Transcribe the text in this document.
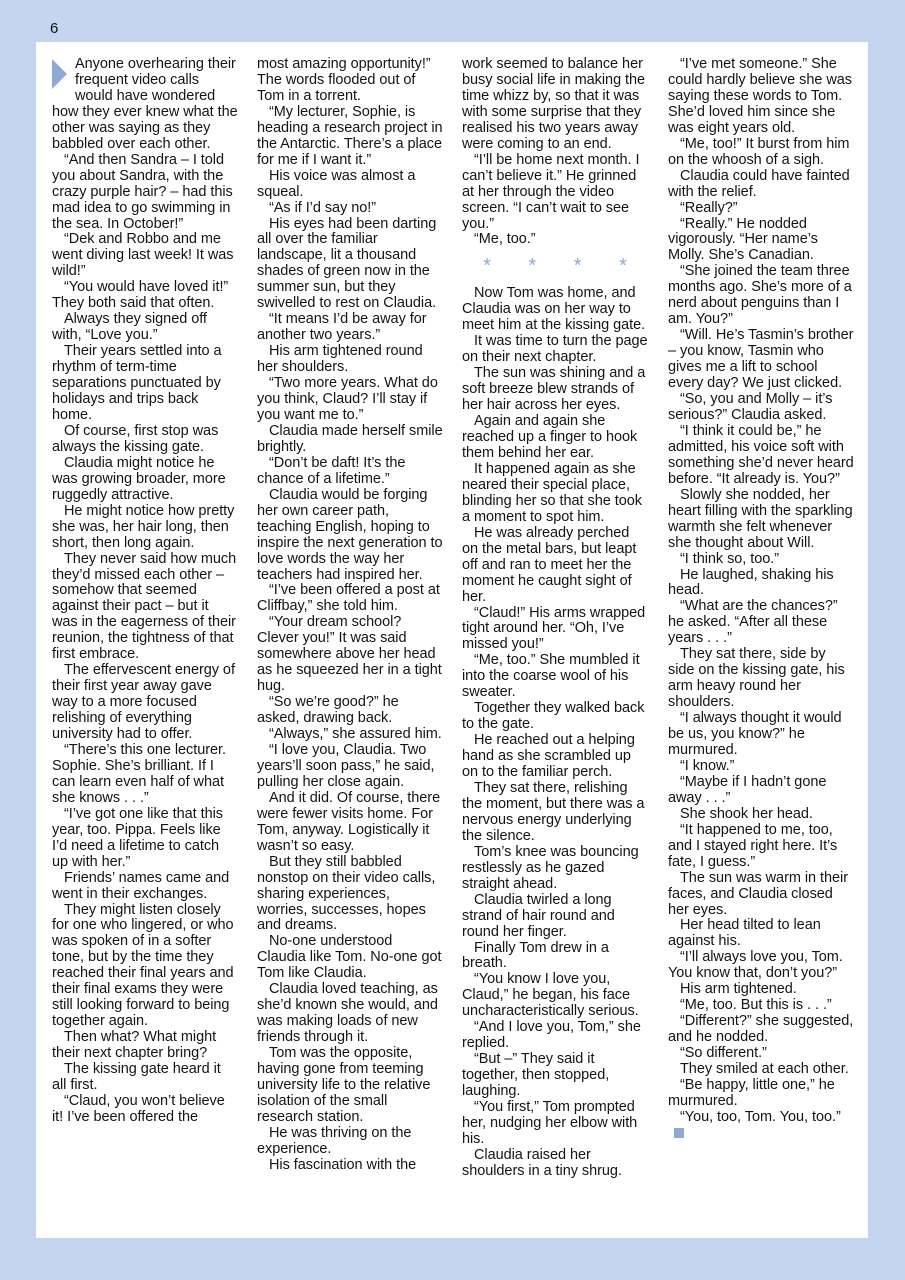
6

Anyone overhearing their frequent video calls would have wondered how they ever knew what the other was saying as they babbled over each other.

“And then Sandra – I told you about Sandra, with the crazy purple hair? – had this mad idea to go swimming in the sea. In October!”

“Dek and Robbo and me went diving last week! It was wild!”

“You would have loved it!” They both said that often.

Always they signed off with, “Love you.”

Their years settled into a rhythm of term-time separations punctuated by holidays and trips back home.

Of course, first stop was always the kissing gate.

Claudia might notice he was growing broader, more ruggedly attractive.

He might notice how pretty she was, her hair long, then short, then long again.

They never said how much they’d missed each other – somehow that seemed against their pact – but it was in the eagerness of their reunion, the tightness of that first embrace.

The effervescent energy of their first year away gave way to a more focused relishing of everything university had to offer.

“There’s this one lecturer. Sophie. She’s brilliant. If I can learn even half of what she knows . . .”

“I’ve got one like that this year, too. Pippa. Feels like I’d need a lifetime to catch up with her.”

Friends’ names came and went in their exchanges.

They might listen closely for one who lingered, or who was spoken of in a softer tone, but by the time they reached their final years and their final exams they were still looking forward to being together again.

Then what? What might their next chapter bring?

The kissing gate heard it all first.

“Claud, you won’t believe it! I’ve been offered the

most amazing opportunity!” The words flooded out of Tom in a torrent.

“My lecturer, Sophie, is heading a research project in the Antarctic. There’s a place for me if I want it.”

His voice was almost a squeal.

“As if I’d say no!”

His eyes had been darting all over the familiar landscape, lit a thousand shades of green now in the summer sun, but they swivelled to rest on Claudia.

“It means I’d be away for another two years.”

His arm tightened round her shoulders.

“Two more years. What do you think, Claud? I’ll stay if you want me to.”

Claudia made herself smile brightly.

“Don’t be daft! It’s the chance of a lifetime.”

Claudia would be forging her own career path, teaching English, hoping to inspire the next generation to love words the way her teachers had inspired her.

“I’ve been offered a post at Cliffbay,” she told him.

“Your dream school? Clever you!” It was said somewhere above her head as he squeezed her in a tight hug.

“So we’re good?” he asked, drawing back.

“Always,” she assured him.

“I love you, Claudia. Two years’ll soon pass,” he said, pulling her close again.

And it did. Of course, there were fewer visits home. For Tom, anyway. Logistically it wasn’t so easy.

But they still babbled nonstop on their video calls, sharing experiences, worries, successes, hopes and dreams.

No-one understood Claudia like Tom. No-one got Tom like Claudia.

Claudia loved teaching, as she’d known she would, and was making loads of new friends through it.

Tom was the opposite, having gone from teeming university life to the relative isolation of the small research station.

He was thriving on the experience.

His fascination with the

work seemed to balance her busy social life in making the time whizz by, so that it was with some surprise that they realised his two years away were coming to an end.

“I’ll be home next month. I can’t believe it.” He grinned at her through the video screen. “I can’t wait to see you.”

“Me, too.”

* * * *

Now Tom was home, and Claudia was on her way to meet him at the kissing gate.

It was time to turn the page on their next chapter.

The sun was shining and a soft breeze blew strands of her hair across her eyes.

Again and again she reached up a finger to hook them behind her ear.

It happened again as she neared their special place, blinding her so that she took a moment to spot him.

He was already perched on the metal bars, but leapt off and ran to meet her the moment he caught sight of her.

“Claud!” His arms wrapped tight around her. “Oh, I’ve missed you!”

“Me, too.” She mumbled it into the coarse wool of his sweater.

Together they walked back to the gate.

He reached out a helping hand as she scrambled up on to the familiar perch.

They sat there, relishing the moment, but there was a nervous energy underlying the silence.

Tom’s knee was bouncing restlessly as he gazed straight ahead.

Claudia twirled a long strand of hair round and round her finger.

Finally Tom drew in a breath.

“You know I love you, Claud,” he began, his face uncharacteristically serious.

“And I love you, Tom,” she replied.

“But –” They said it together, then stopped, laughing.

“You first,” Tom prompted her, nudging her elbow with his.

Claudia raised her shoulders in a tiny shrug.

“I’ve met someone.” She could hardly believe she was saying these words to Tom. She’d loved him since she was eight years old.

“Me, too!” It burst from him on the whoosh of a sigh.

Claudia could have fainted with the relief.

“Really?”

“Really.” He nodded vigorously. “Her name’s Molly. She’s Canadian.

“She joined the team three months ago. She’s more of a nerd about penguins than I am. You?”

“Will. He’s Tasmin’s brother – you know, Tasmin who gives me a lift to school every day? We just clicked.

“So, you and Molly – it’s serious?” Claudia asked.

“I think it could be,” he admitted, his voice soft with something she’d never heard before. “It already is. You?”

Slowly she nodded, her heart filling with the sparkling warmth she felt whenever she thought about Will.

“I think so, too.”

He laughed, shaking his head.

“What are the chances?” he asked. “After all these years . . .”

They sat there, side by side on the kissing gate, his arm heavy round her shoulders.

“I always thought it would be us, you know?” he murmured.

“I know.”

“Maybe if I hadn’t gone away . . .”

She shook her head.

“It happened to me, too, and I stayed right here. It’s fate, I guess.”

The sun was warm in their faces, and Claudia closed her eyes.

Her head tilted to lean against his.

“I’ll always love you, Tom. You know that, don’t you?”

His arm tightened.

“Me, too. But this is . . .”

“Different?” she suggested, and he nodded.

“So different.”

They smiled at each other.

“Be happy, little one,” he murmured.

“You, too, Tom. You, too.”
